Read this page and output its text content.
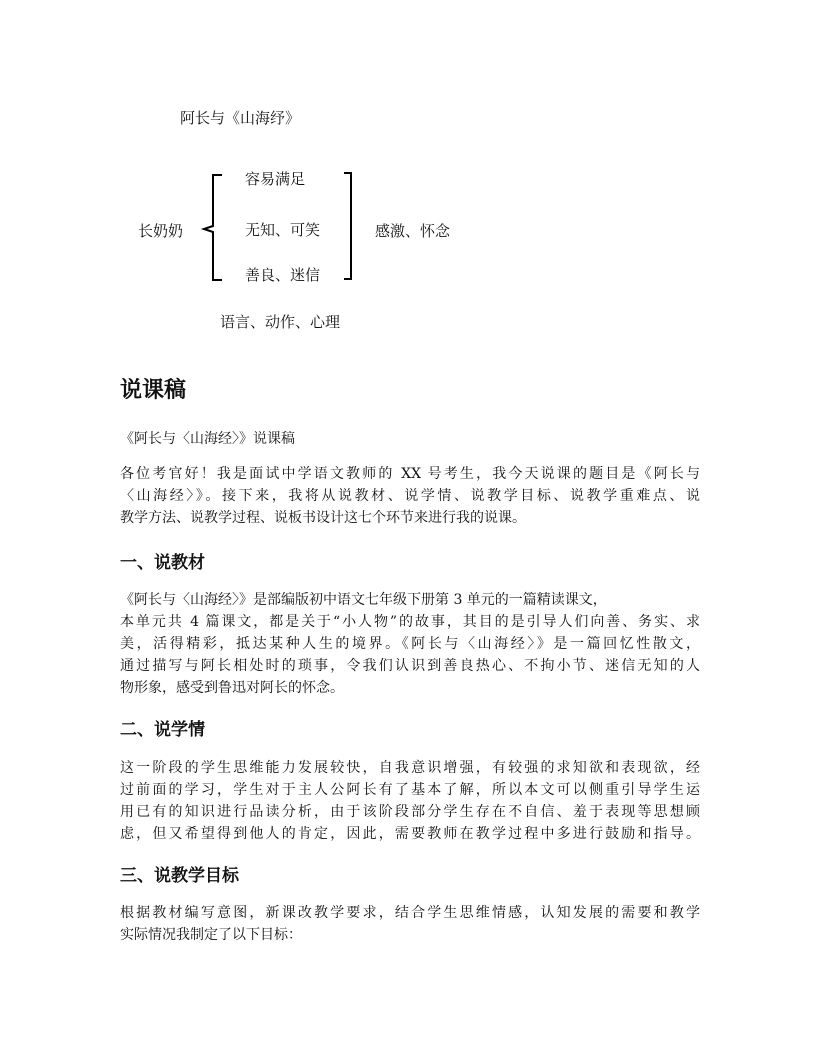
阿长与《山海纾》
长奶奶
容易满足
无知、可笑
善良、迷信
感激、怀念
语言、动作、心理
说课稿
《阿长与〈山海经〉》说课稿
各位考官好！我是面试中学语文教师的 XX 号考生，我今天说课的题目是《阿长与
〈山海经〉》。接下来，我将从说教材、说学情、说教学目标、说教学重难点、说
教学方法、说教学过程、说板书设计这七个环节来进行我的说课。
一、说教材
《阿长与〈山海经〉》是部编版初中语文七年级下册第 3 单元的一篇精读课文，
本单元共 4 篇课文，都是关于“小人物”的故事，其目的是引导人们向善、务实、求
美，活得精彩，抵达某种人生的境界。《阿长与〈山海经〉》是一篇回忆性散文，
通过描写与阿长相处时的琐事，令我们认识到善良热心、不拘小节、迷信无知的人
物形象，感受到鲁迅对阿长的怀念。
二、说学情
这一阶段的学生思维能力发展较快，自我意识增强，有较强的求知欲和表现欲，经
过前面的学习，学生对于主人公阿长有了基本了解，所以本文可以侧重引导学生运
用已有的知识进行品读分析，由于该阶段部分学生存在不自信、羞于表现等思想顾
虑，但又希望得到他人的肯定，因此，需要教师在教学过程中多进行鼓励和指导。
三、说教学目标
根据教材编写意图，新课改教学要求，结合学生思维情感，认知发展的需要和教学
实际情况我制定了以下目标：
